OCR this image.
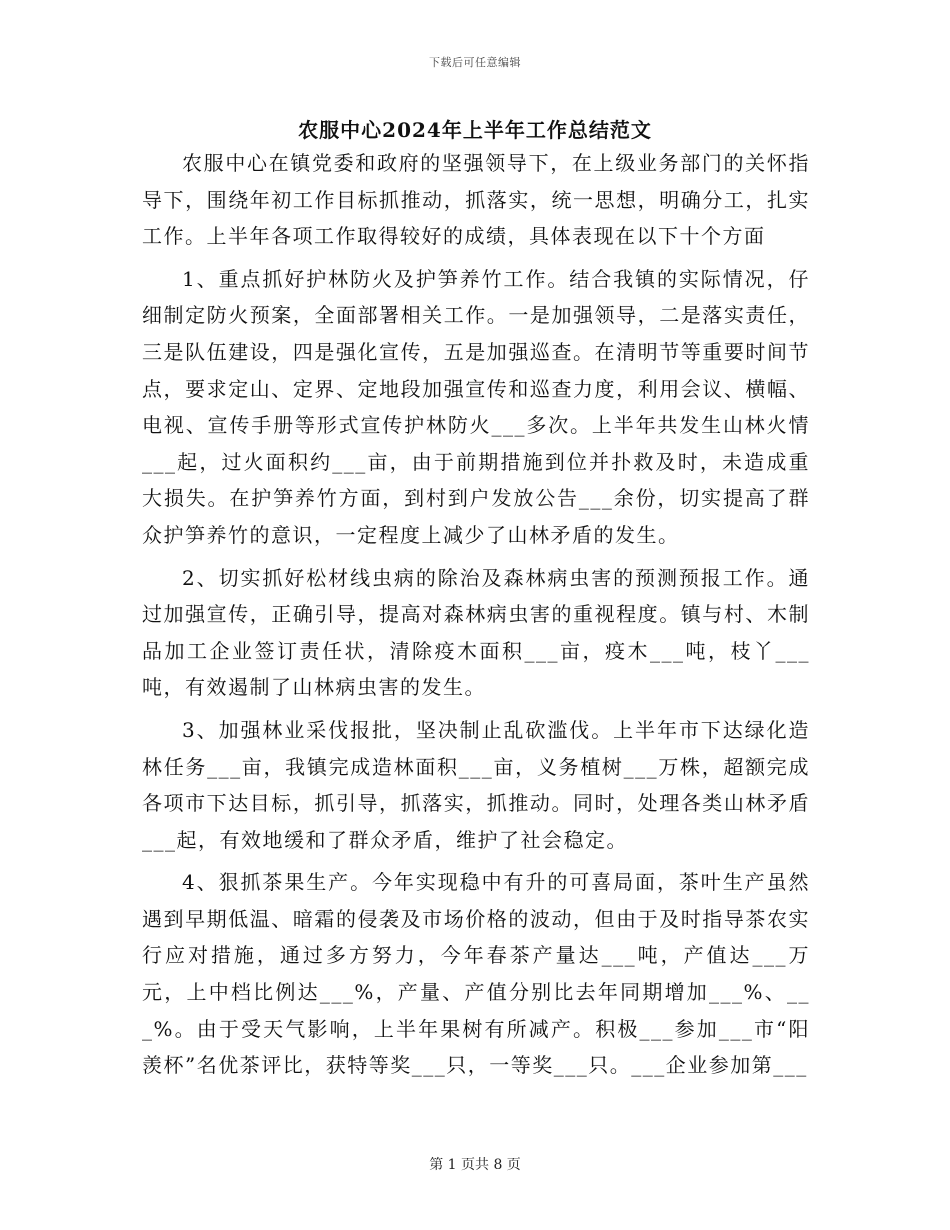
下载后可任意编辑
农服中心2024年上半年工作总结范文

农服中心在镇党委和政府的坚强领导下，在上级业务部门的关怀指导下，围绕年初工作目标抓推动，抓落实，统一思想，明确分工，扎实工作。上半年各项工作取得较好的成绩，具体表现在以下十个方面

1、重点抓好护林防火及护笋养竹工作。结合我镇的实际情况，仔细制定防火预案，全面部署相关工作。一是加强领导，二是落实责任，三是队伍建设，四是强化宣传，五是加强巡查。在清明节等重要时间节点，要求定山、定界、定地段加强宣传和巡查力度，利用会议、横幅、电视、宣传手册等形式宣传护林防火___多次。上半年共发生山林火情___起，过火面积约___亩，由于前期措施到位并扑救及时，未造成重大损失。在护笋养竹方面，到村到户发放公告___余份，切实提高了群众护笋养竹的意识，一定程度上减少了山林矛盾的发生。

2、切实抓好松材线虫病的除治及森林病虫害的预测预报工作。通过加强宣传，正确引导，提高对森林病虫害的重视程度。镇与村、木制品加工企业签订责任状，清除疫木面积___亩，疫木___吨，枝丫___吨，有效遏制了山林病虫害的发生。

3、加强林业采伐报批，坚决制止乱砍滥伐。上半年市下达绿化造林任务___亩，我镇完成造林面积___亩，义务植树___万株，超额完成各项市下达目标，抓引导，抓落实，抓推动。同时，处理各类山林矛盾___起，有效地缓和了群众矛盾，维护了社会稳定。

4、狠抓茶果生产。今年实现稳中有升的可喜局面，茶叶生产虽然遇到早期低温、暗霜的侵袭及市场价格的波动，但由于及时指导茶农实行应对措施，通过多方努力，今年春茶产量达___吨，产值达___万元，上中档比例达___%，产量、产值分别比去年同期增加___%、___%。由于受天气影响，上半年果树有所减产。积极___参加___市“阳羡杯”名优茶评比，获特等奖___只，一等奖___只。___企业参加第___

第 1 页共 8 页
